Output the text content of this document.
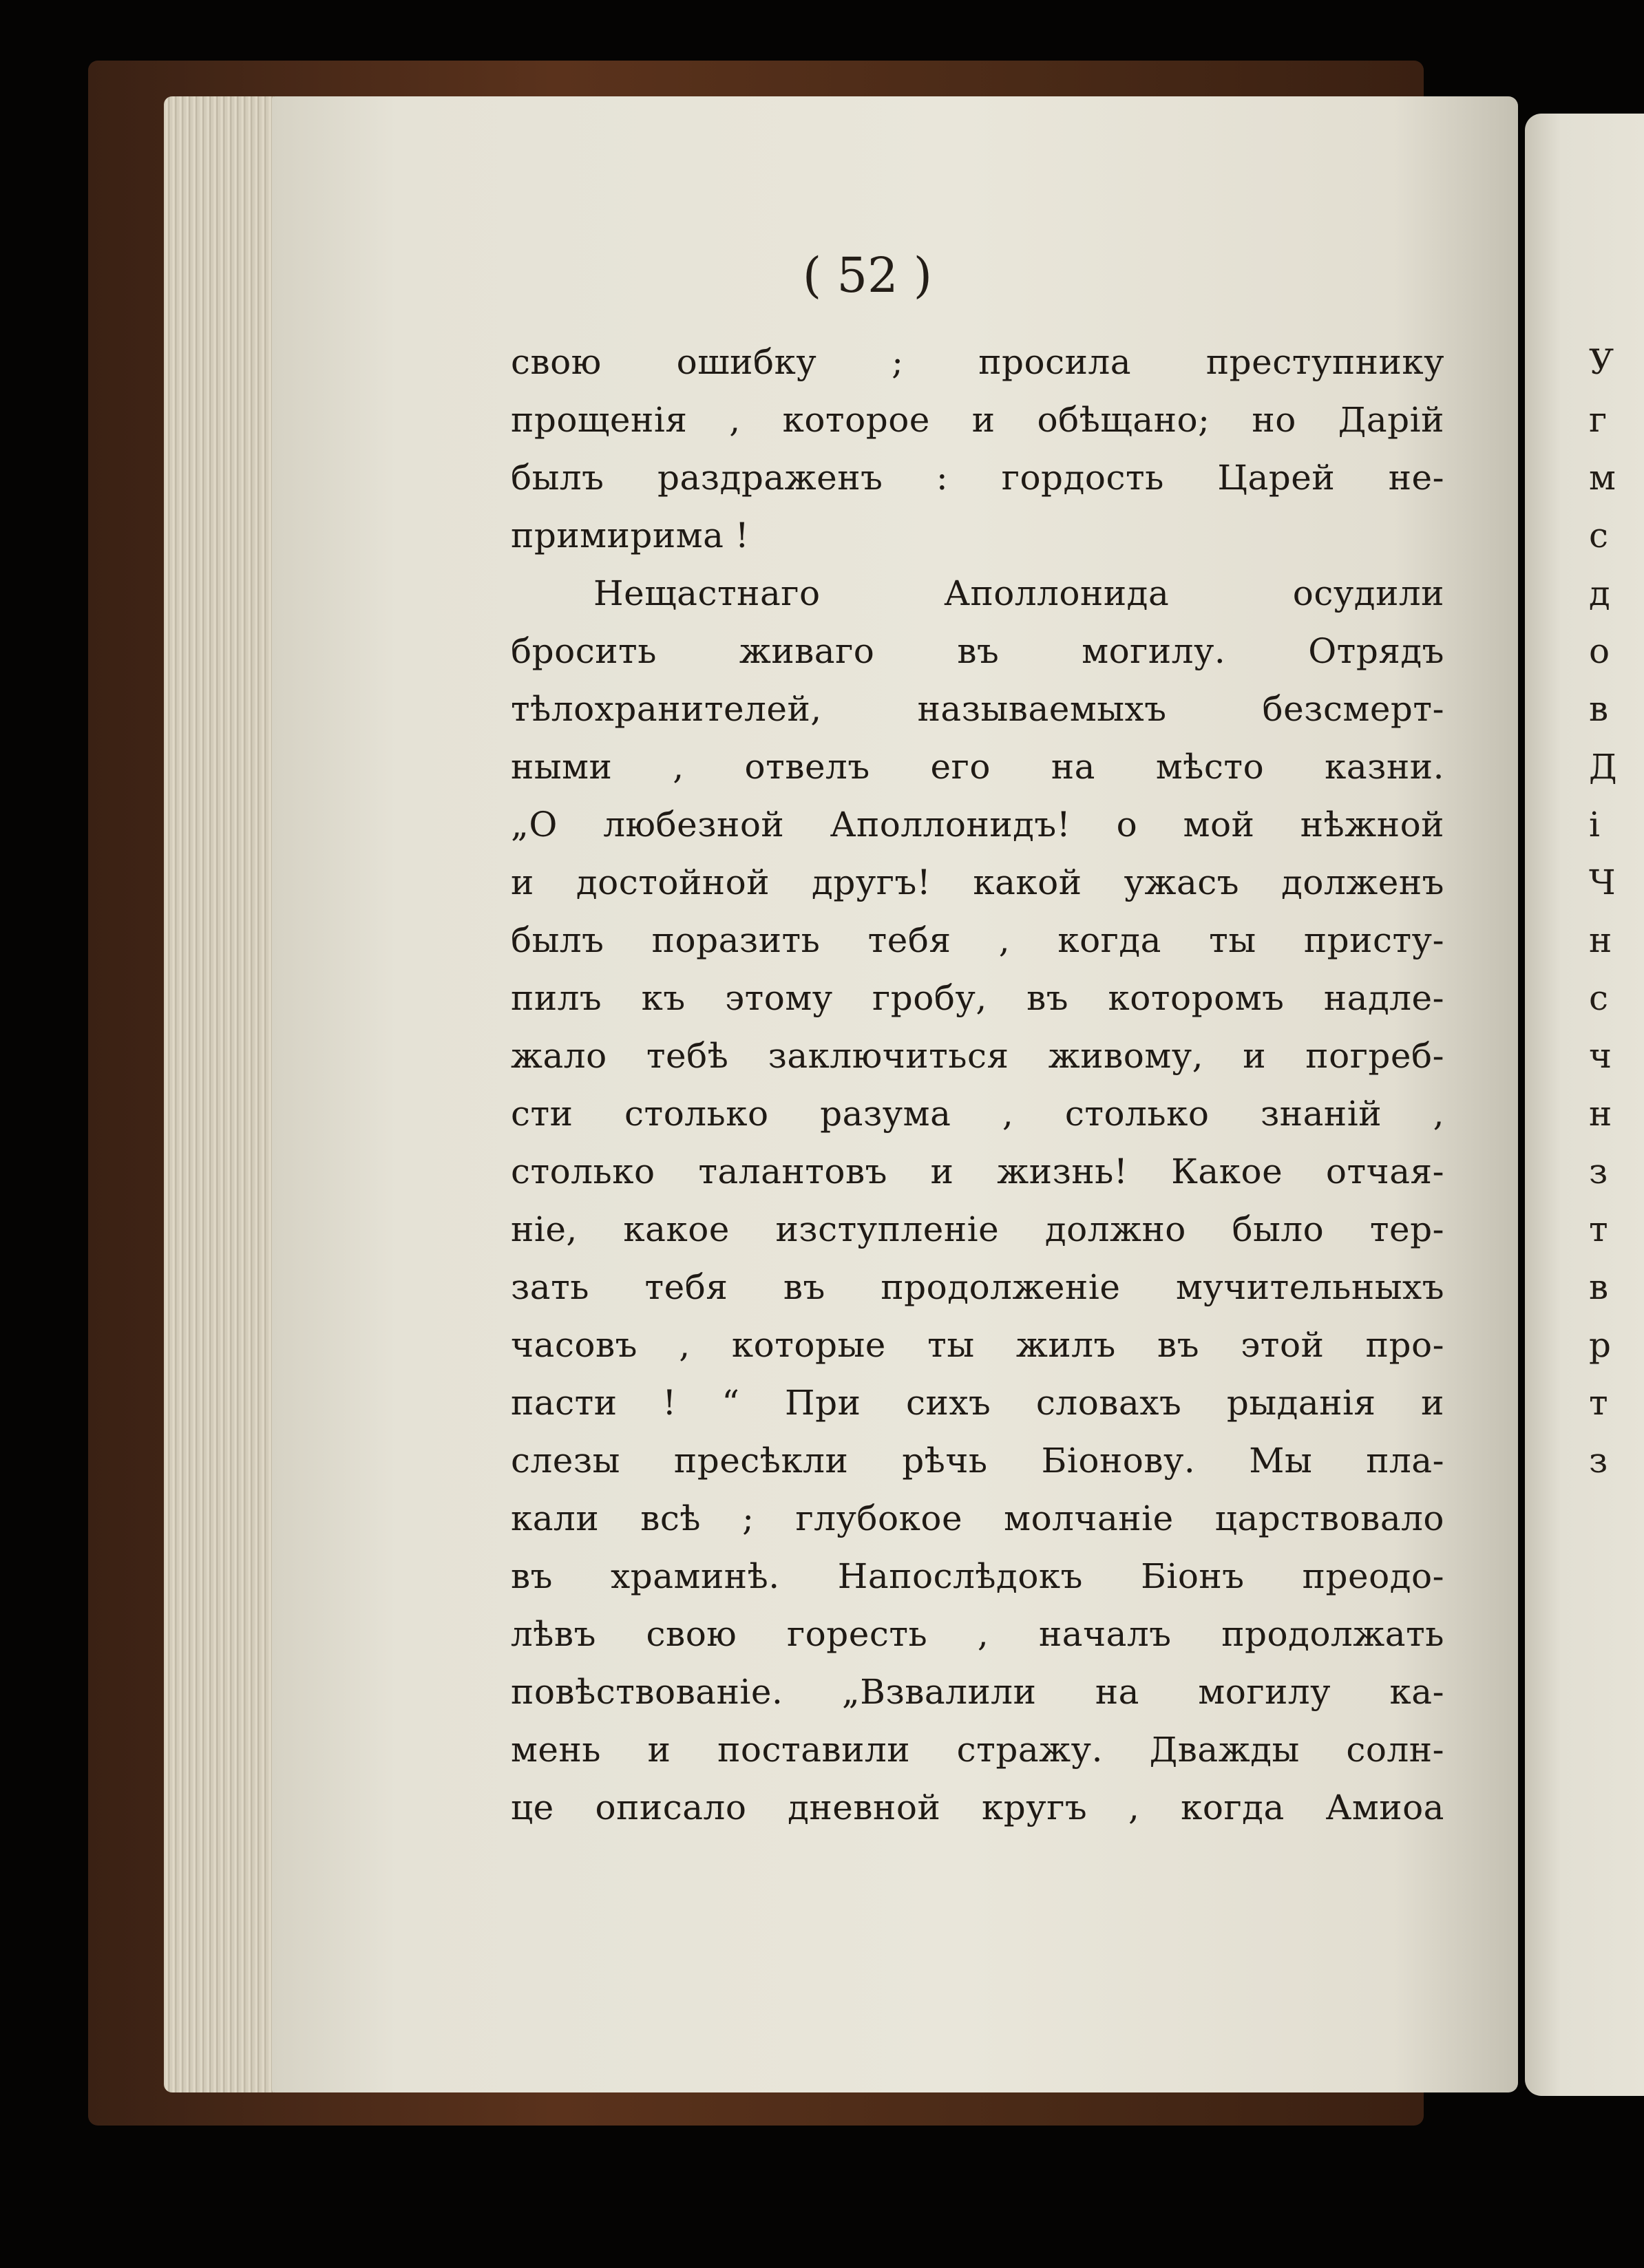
( 52 )

свою ошибку ; просила преступнику
прощенія , которое и обѣщано; но Дарій
былъ раздраженъ : гордость Царей не-
примирима !
Нещастнаго Аполлонида осудили
бросить живаго въ могилу. Отрядъ
тѣлохранителей, называемыхъ безсмерт-
ными , отвелъ его на мѣсто казни.
„О любезной Аполлонидъ! о мой нѣжной
и достойной другъ! какой ужасъ долженъ
былъ поразить тебя , когда ты присту-
пилъ къ этому гробу, въ которомъ надле-
жало тебѣ заключиться живому, и погреб-
сти столько разума , столько знаній ,
столько талантовъ и жизнь! Какое отчая-
ніе, какое изступленіе должно было тер-
зать тебя въ продолженіе мучительныхъ
часовъ , которые ты жилъ въ этой про-
пасти ! “ При сихъ словахъ рыданія и
слезы пресѣкли рѣчь Біонову. Мы пла-
кали всѣ ; глубокое молчаніе царствовало
въ храминѣ. Напослѣдокъ Біонъ преодо-
лѣвъ свою горесть , началъ продолжать
повѣствованіе. „Взвалили на могилу ка-
мень и поставили стражу. Дважды солн-
це описало дневной кругъ , когда Амиоа
У
г
м
с
д
о
в
Д
і
Ч
н
с
ч
н
з
т
в
р
т
з
